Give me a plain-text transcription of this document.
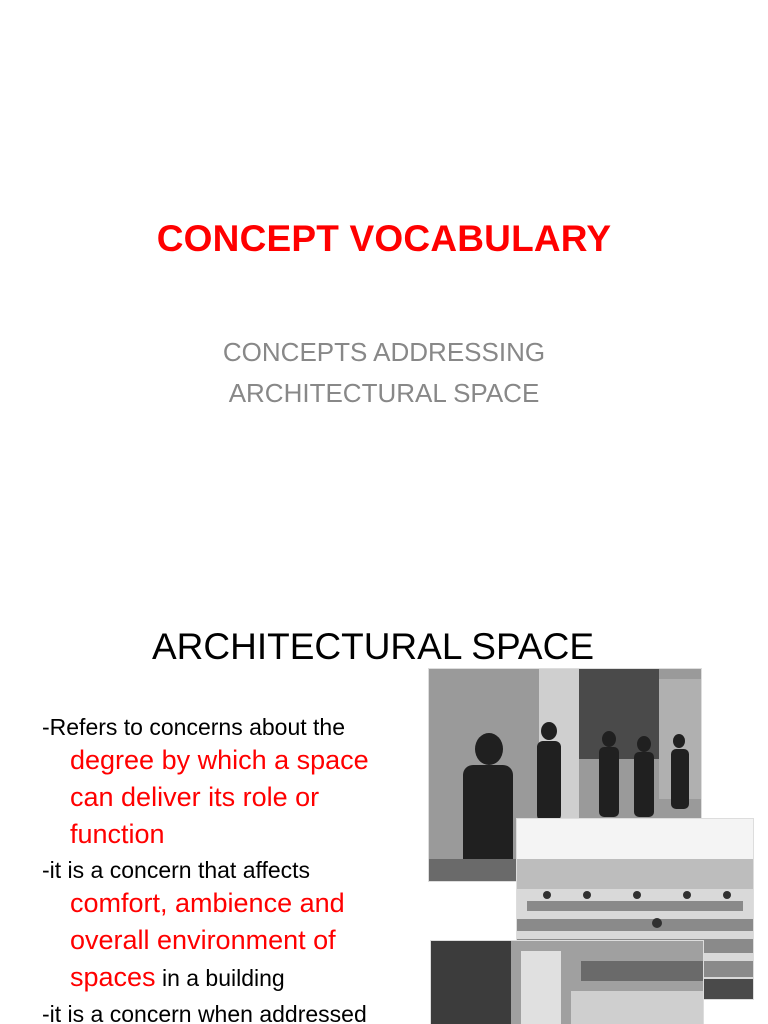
CONCEPT VOCABULARY
CONCEPTS ADDRESSING
ARCHITECTURAL SPACE
ARCHITECTURAL SPACE
-Refers to concerns about the
degree by which a space
can deliver its role or
function
-it is a concern that affects
comfort, ambience and
overall environment of
spaces in a building
-it is a concern when addressed
